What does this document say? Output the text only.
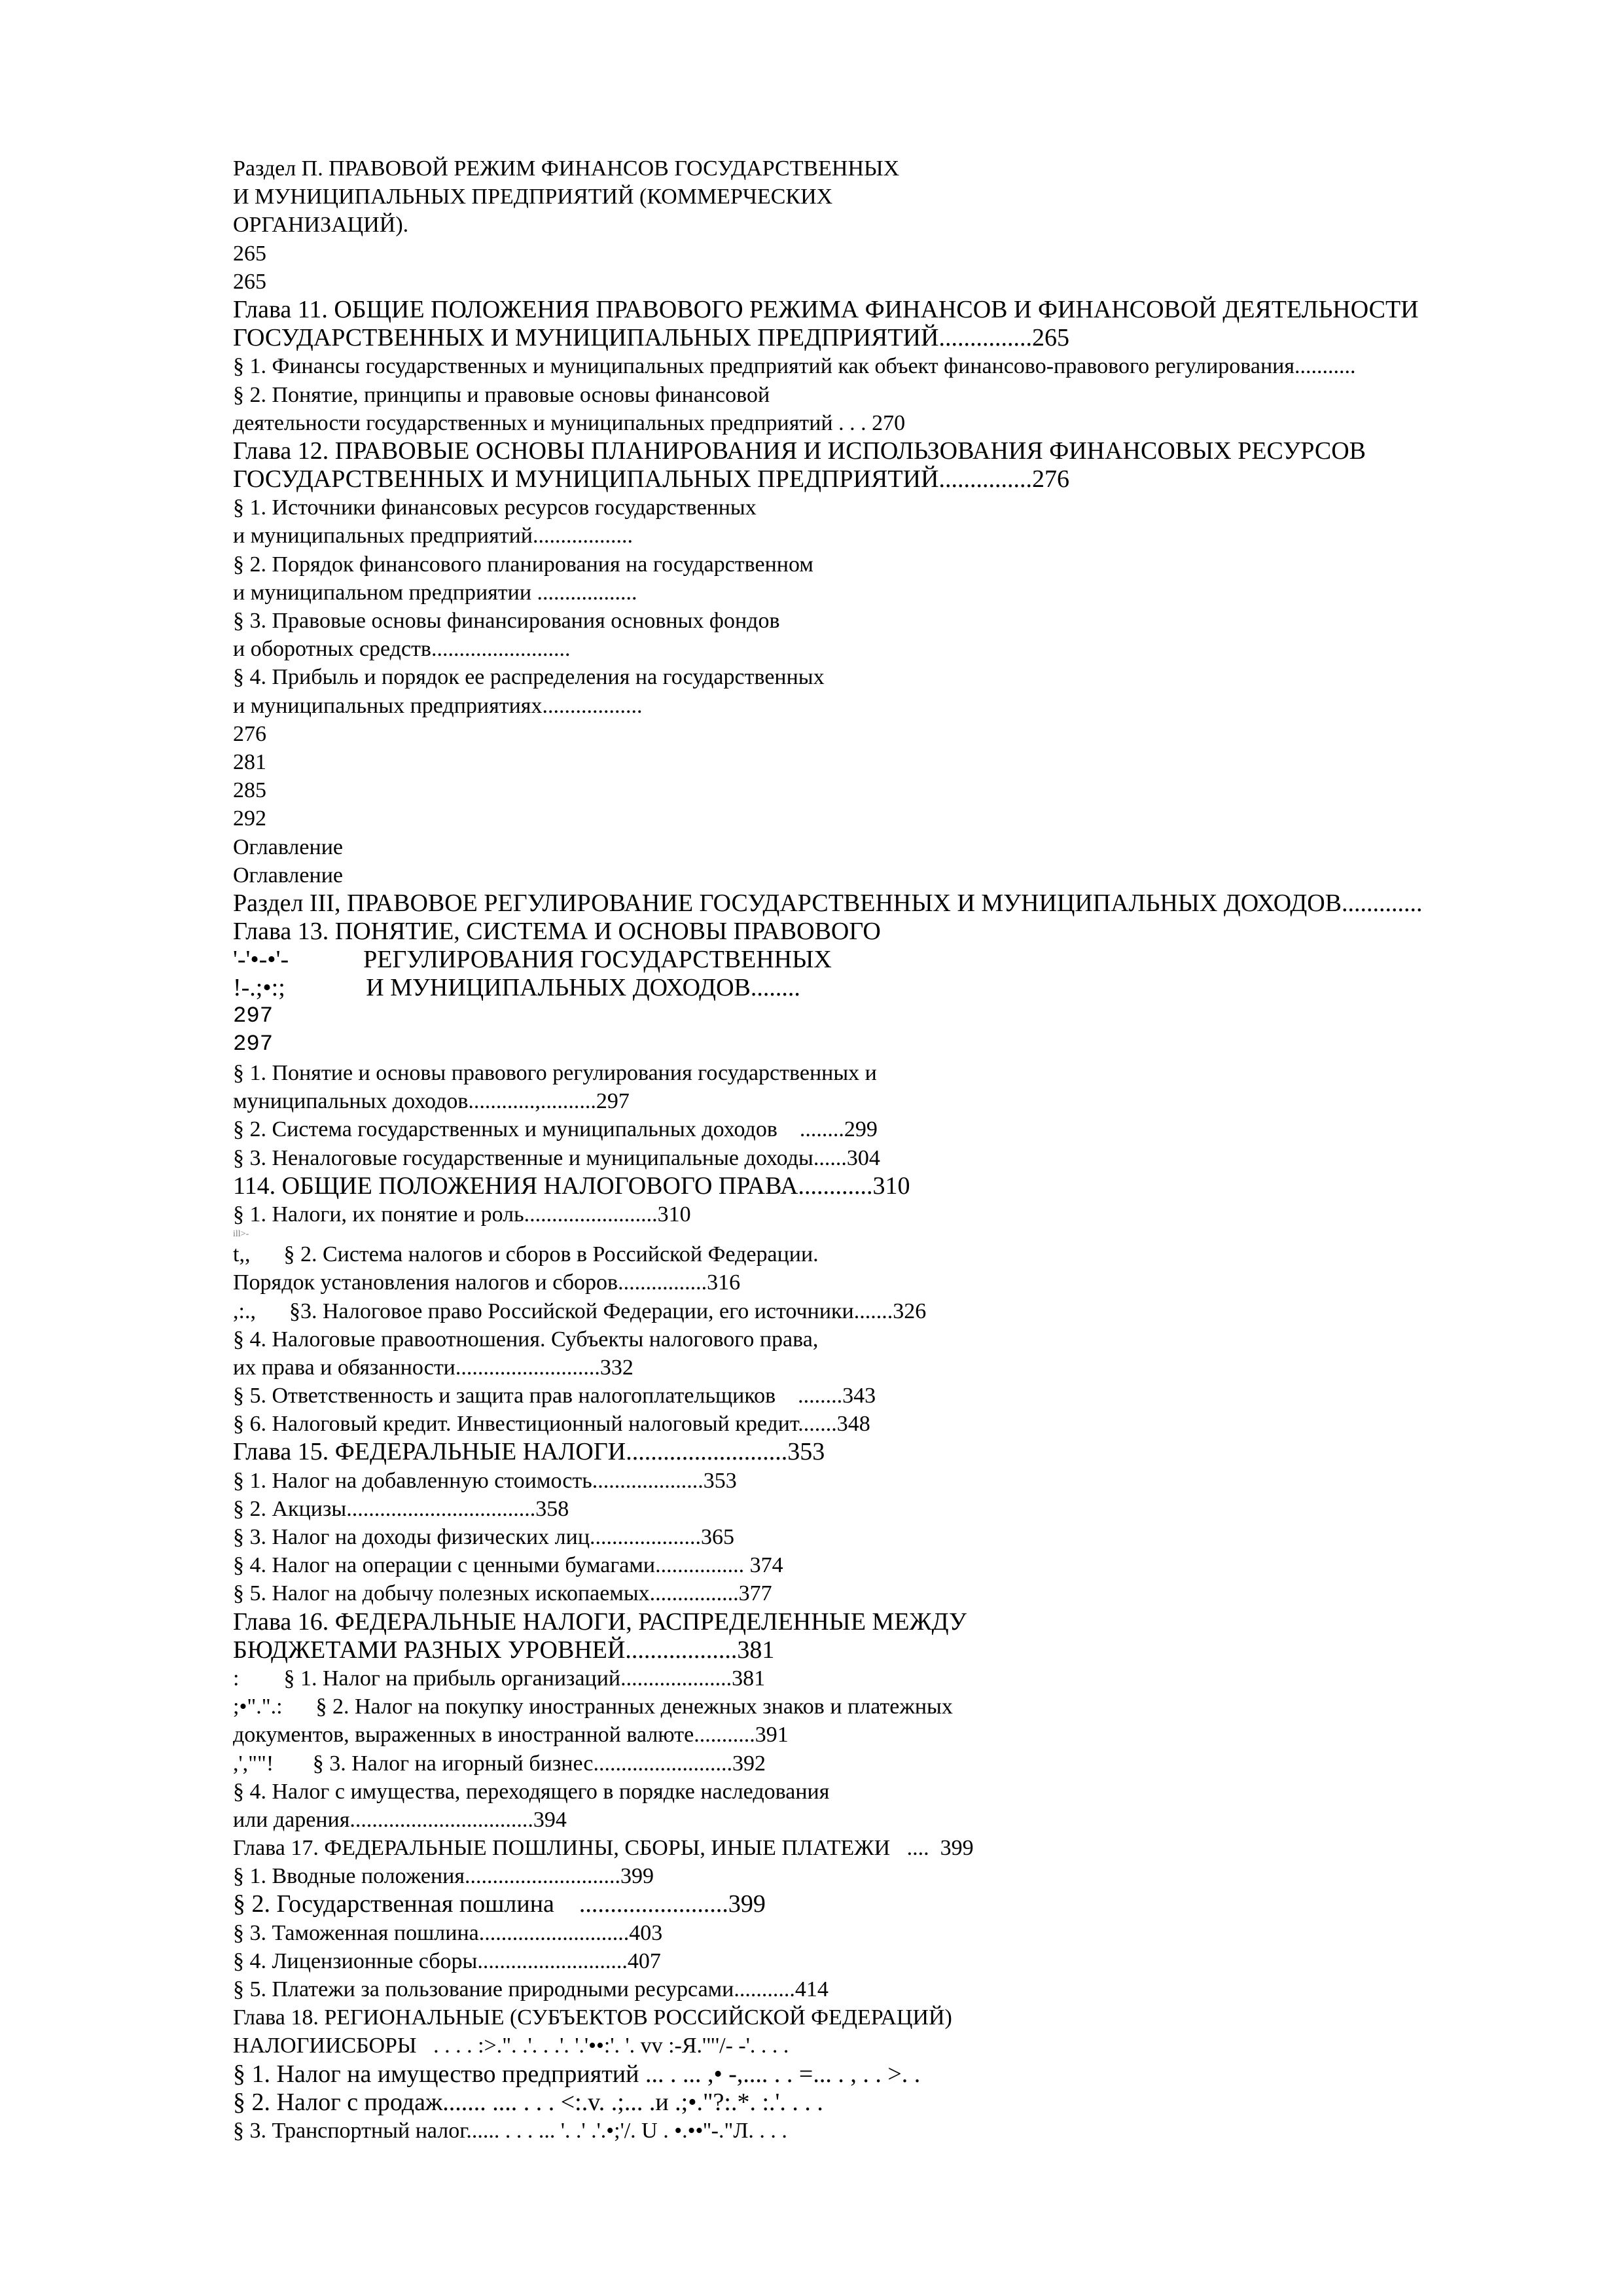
Раздел П. ПРАВОВОЙ РЕЖИМ ФИНАНСОВ ГОСУДАРСТВЕННЫХ
И МУНИЦИПАЛЬНЫХ ПРЕДПРИЯТИЙ (КОММЕРЧЕСКИХ
ОРГАНИЗАЦИЙ).
265
265
Глава 11. ОБЩИЕ ПОЛОЖЕНИЯ ПРАВОВОГО РЕЖИМА ФИНАНСОВ И ФИНАНСОВОЙ ДЕЯТЕЛЬНОСТИ
ГОСУДАРСТВЕННЫХ И МУНИЦИПАЛЬНЫХ ПРЕДПРИЯТИЙ...............265
§ 1. Финансы государственных и муниципальных предприятий как объект финансово-правового регулирования...........
§ 2. Понятие, принципы и правовые основы финансовой
деятельности государственных и муниципальных предприятий . . . 270
Глава 12. ПРАВОВЫЕ ОСНОВЫ ПЛАНИРОВАНИЯ И ИСПОЛЬЗОВАНИЯ ФИНАНСОВЫХ РЕСУРСОВ
ГОСУДАРСТВЕННЫХ И МУНИЦИПАЛЬНЫХ ПРЕДПРИЯТИЙ...............276
§ 1. Источники финансовых ресурсов государственных
и муниципальных предприятий..................
§ 2. Порядок финансового планирования на государственном
и муниципальном предприятии ..................
§ 3. Правовые основы финансирования основных фондов
и оборотных средств.........................
§ 4. Прибыль и порядок ее распределения на государственных
и муниципальных предприятиях..................
276
281
285
292
Оглавление
Оглавление
Раздел III, ПРАВОВОЕ РЕГУЛИРОВАНИЕ ГОСУДАРСТВЕННЫХ И МУНИЦИПАЛЬНЫХ ДОХОДОВ.............
Глава 13. ПОНЯТИЕ, СИСТЕМА И ОСНОВЫ ПРАВОВОГО
'-'•-•'-            РЕГУЛИРОВАНИЯ ГОСУДАРСТВЕННЫХ
!-.;•:;             И МУНИЦИПАЛЬНЫХ ДОХОДОВ........
297
297
§ 1. Понятие и основы правового регулирования государственных и
муниципальных доходов............,..........297
§ 2. Система государственных и муниципальных доходов    ........299
§ 3. Неналоговые государственные и муниципальные доходы......304
114. ОБЩИЕ ПОЛОЖЕНИЯ НАЛОГОВОГО ПРАВА............310
§ 1. Налоги, их понятие и роль........................310
ill>-
t,,      § 2. Система налогов и сборов в Российской Федерации.
Порядок установления налогов и сборов................316
,:.,      §3. Налоговое право Российской Федерации, его источники.......326
§ 4. Налоговые правоотношения. Субъекты налогового права,
их права и обязанности..........................332
§ 5. Ответственность и защита прав налогоплательщиков    ........343
§ 6. Налоговый кредит. Инвестиционный налоговый кредит.......348
Глава 15. ФЕДЕРАЛЬНЫЕ НАЛОГИ..........................353
§ 1. Налог на добавленную стоимость....................353
§ 2. Акцизы..................................358
§ 3. Налог на доходы физических лиц....................365
§ 4. Налог на операции с ценными бумагами................ 374
§ 5. Налог на добычу полезных ископаемых................377
Глава 16. ФЕДЕРАЛЬНЫЕ НАЛОГИ, РАСПРЕДЕЛЕННЫЕ МЕЖДУ
БЮДЖЕТАМИ РАЗНЫХ УРОВНЕЙ..................381
:        § 1. Налог на прибыль организаций....................381
;•".".:      § 2. Налог на покупку иностранных денежных знаков и платежных
документов, выраженных в иностранной валюте...........391
,',""!       § 3. Налог на игорный бизнес.........................392
§ 4. Налог с имущества, переходящего в порядке наследования
или дарения.................................394
Глава 17. ФЕДЕРАЛЬНЫЕ ПОШЛИНЫ, СБОРЫ, ИНЫЕ ПЛАТЕЖИ   ....  399
§ 1. Вводные положения............................399
§ 2. Государственная пошлина    ........................399
§ 3. Таможенная пошлина...........................403
§ 4. Лицензионные сборы...........................407
§ 5. Платежи за пользование природными ресурсами...........414
Глава 18. РЕГИОНАЛЬНЫЕ (СУБЪЕКТОВ РОССИЙСКОЙ ФЕДЕРАЦИЙ)
НАЛОГИИСБОРЫ   . . . . :>.". .'. . .'. '.'••:'. '. vv :-Я.'"'/- -'. . . .
§ 1. Налог на имущество предприятий ... . ... ,• -,.... . . =... . , . . >. .
§ 2. Налог с продаж....... .... . . . <:.v. .;... .и .;•."?:.*. :.'. . . .
§ 3. Транспортный налог...... . . . ... '. .' .'.•;'/. U . •.••''-."Л. . . .
